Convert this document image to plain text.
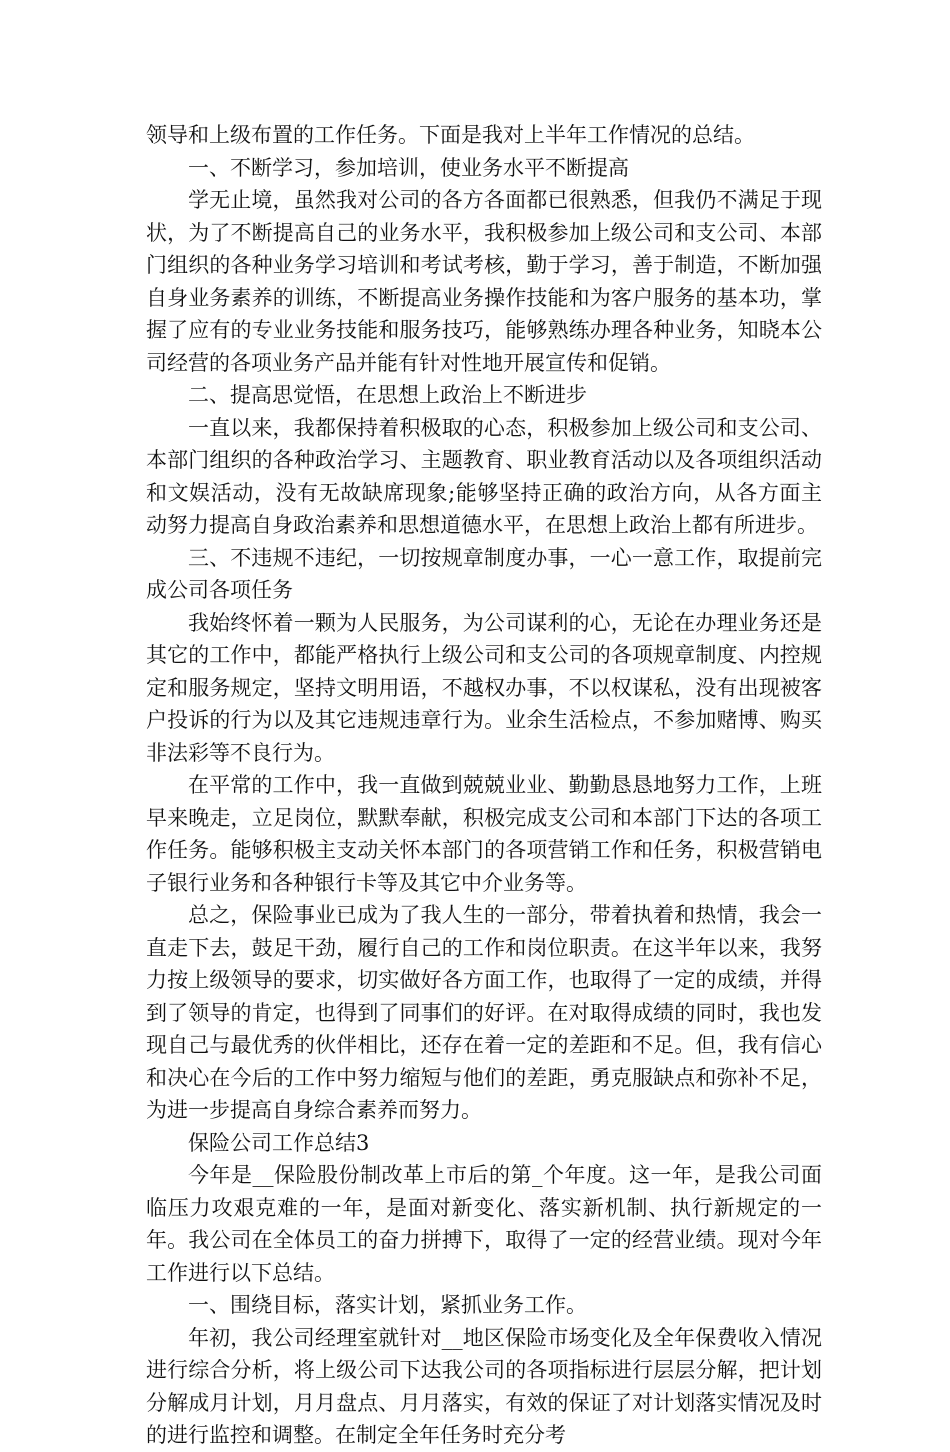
领导和上级布置的工作任务。下面是我对上半年工作情况的总结。

一、不断学习，参加培训，使业务水平不断提高

学无止境，虽然我对公司的各方各面都已很熟悉，但我仍不满足于现状，为了不断提高自己的业务水平，我积极参加上级公司和支公司、本部门组织的各种业务学习培训和考试考核，勤于学习，善于制造，不断加强自身业务素养的训练，不断提高业务操作技能和为客户服务的基本功，掌握了应有的专业业务技能和服务技巧，能够熟练办理各种业务，知晓本公司经营的各项业务产品并能有针对性地开展宣传和促销。

二、提高思觉悟，在思想上政治上不断进步

一直以来，我都保持着积极取的心态，积极参加上级公司和支公司、本部门组织的各种政治学习、主题教育、职业教育活动以及各项组织活动和文娱活动，没有无故缺席现象;能够坚持正确的政治方向，从各方面主动努力提高自身政治素养和思想道德水平，在思想上政治上都有所进步。

三、不违规不违纪，一切按规章制度办事，一心一意工作，取提前完成公司各项任务

我始终怀着一颗为人民服务，为公司谋利的心，无论在办理业务还是其它的工作中，都能严格执行上级公司和支公司的各项规章制度、内控规定和服务规定，坚持文明用语，不越权办事，不以权谋私，没有出现被客户投诉的行为以及其它违规违章行为。业余生活检点，不参加赌博、购买非法彩等不良行为。

在平常的工作中，我一直做到兢兢业业、勤勤恳恳地努力工作，上班早来晚走，立足岗位，默默奉献，积极完成支公司和本部门下达的各项工作任务。能够积极主支动关怀本部门的各项营销工作和任务，积极营销电子银行业务和各种银行卡等及其它中介业务等。

总之，保险事业已成为了我人生的一部分，带着执着和热情，我会一直走下去，鼓足干劲，履行自己的工作和岗位职责。在这半年以来，我努力按上级领导的要求，切实做好各方面工作，也取得了一定的成绩，并得到了领导的肯定，也得到了同事们的好评。在对取得成绩的同时，我也发现自己与最优秀的伙伴相比，还存在着一定的差距和不足。但，我有信心和决心在今后的工作中努力缩短与他们的差距，勇克服缺点和弥补不足，为进一步提高自身综合素养而努力。

保险公司工作总结3

今年是__保险股份制改革上市后的第_个年度。这一年，是我公司面临压力攻艰克难的一年，是面对新变化、落实新机制、执行新规定的一年。我公司在全体员工的奋力拼搏下，取得了一定的经营业绩。现对今年工作进行以下总结。

一、围绕目标，落实计划，紧抓业务工作。

年初，我公司经理室就针对__地区保险市场变化及全年保费收入情况进行综合分析，将上级公司下达我公司的各项指标进行层层分解，把计划分解成月计划，月月盘点、月月落实，有效的保证了对计划落实情况及时的进行监控和调整。在制定全年任务时充分考
